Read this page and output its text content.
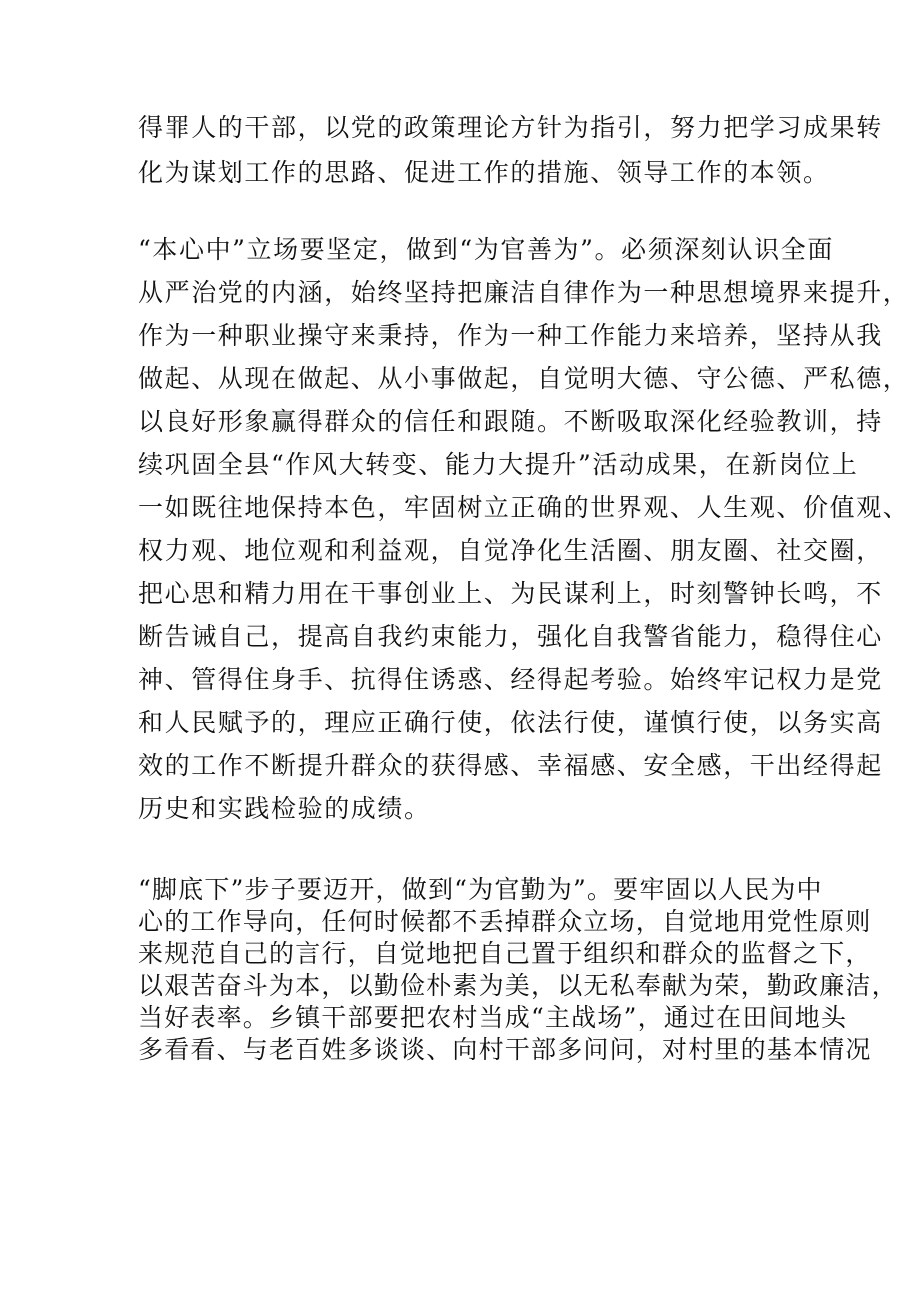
得罪人的干部，以党的政策理论方针为指引，努力把学习成果转
化为谋划工作的思路、促进工作的措施、领导工作的本领。
“本心中”立场要坚定，做到“为官善为”。必须深刻认识全面
从严治党的内涵，始终坚持把廉洁自律作为一种思想境界来提升，
作为一种职业操守来秉持，作为一种工作能力来培养，坚持从我
做起、从现在做起、从小事做起，自觉明大德、守公德、严私德，
以良好形象赢得群众的信任和跟随。不断吸取深化经验教训，持
续巩固全县“作风大转变、能力大提升”活动成果，在新岗位上
一如既往地保持本色，牢固树立正确的世界观、人生观、价值观、
权力观、地位观和利益观，自觉净化生活圈、朋友圈、社交圈，
把心思和精力用在干事创业上、为民谋利上，时刻警钟长鸣，不
断告诫自己，提高自我约束能力，强化自我警省能力，稳得住心
神、管得住身手、抗得住诱惑、经得起考验。始终牢记权力是党
和人民赋予的，理应正确行使，依法行使，谨慎行使，以务实高
效的工作不断提升群众的获得感、幸福感、安全感，干出经得起
历史和实践检验的成绩。
“脚底下”步子要迈开，做到“为官勤为”。要牢固以人民为中
心的工作导向，任何时候都不丢掉群众立场，自觉地用党性原则
来规范自己的言行，自觉地把自己置于组织和群众的监督之下，
以艰苦奋斗为本，以勤俭朴素为美，以无私奉献为荣，勤政廉洁，
当好表率。乡镇干部要把农村当成“主战场”，通过在田间地头
多看看、与老百姓多谈谈、向村干部多问问，对村里的基本情况
